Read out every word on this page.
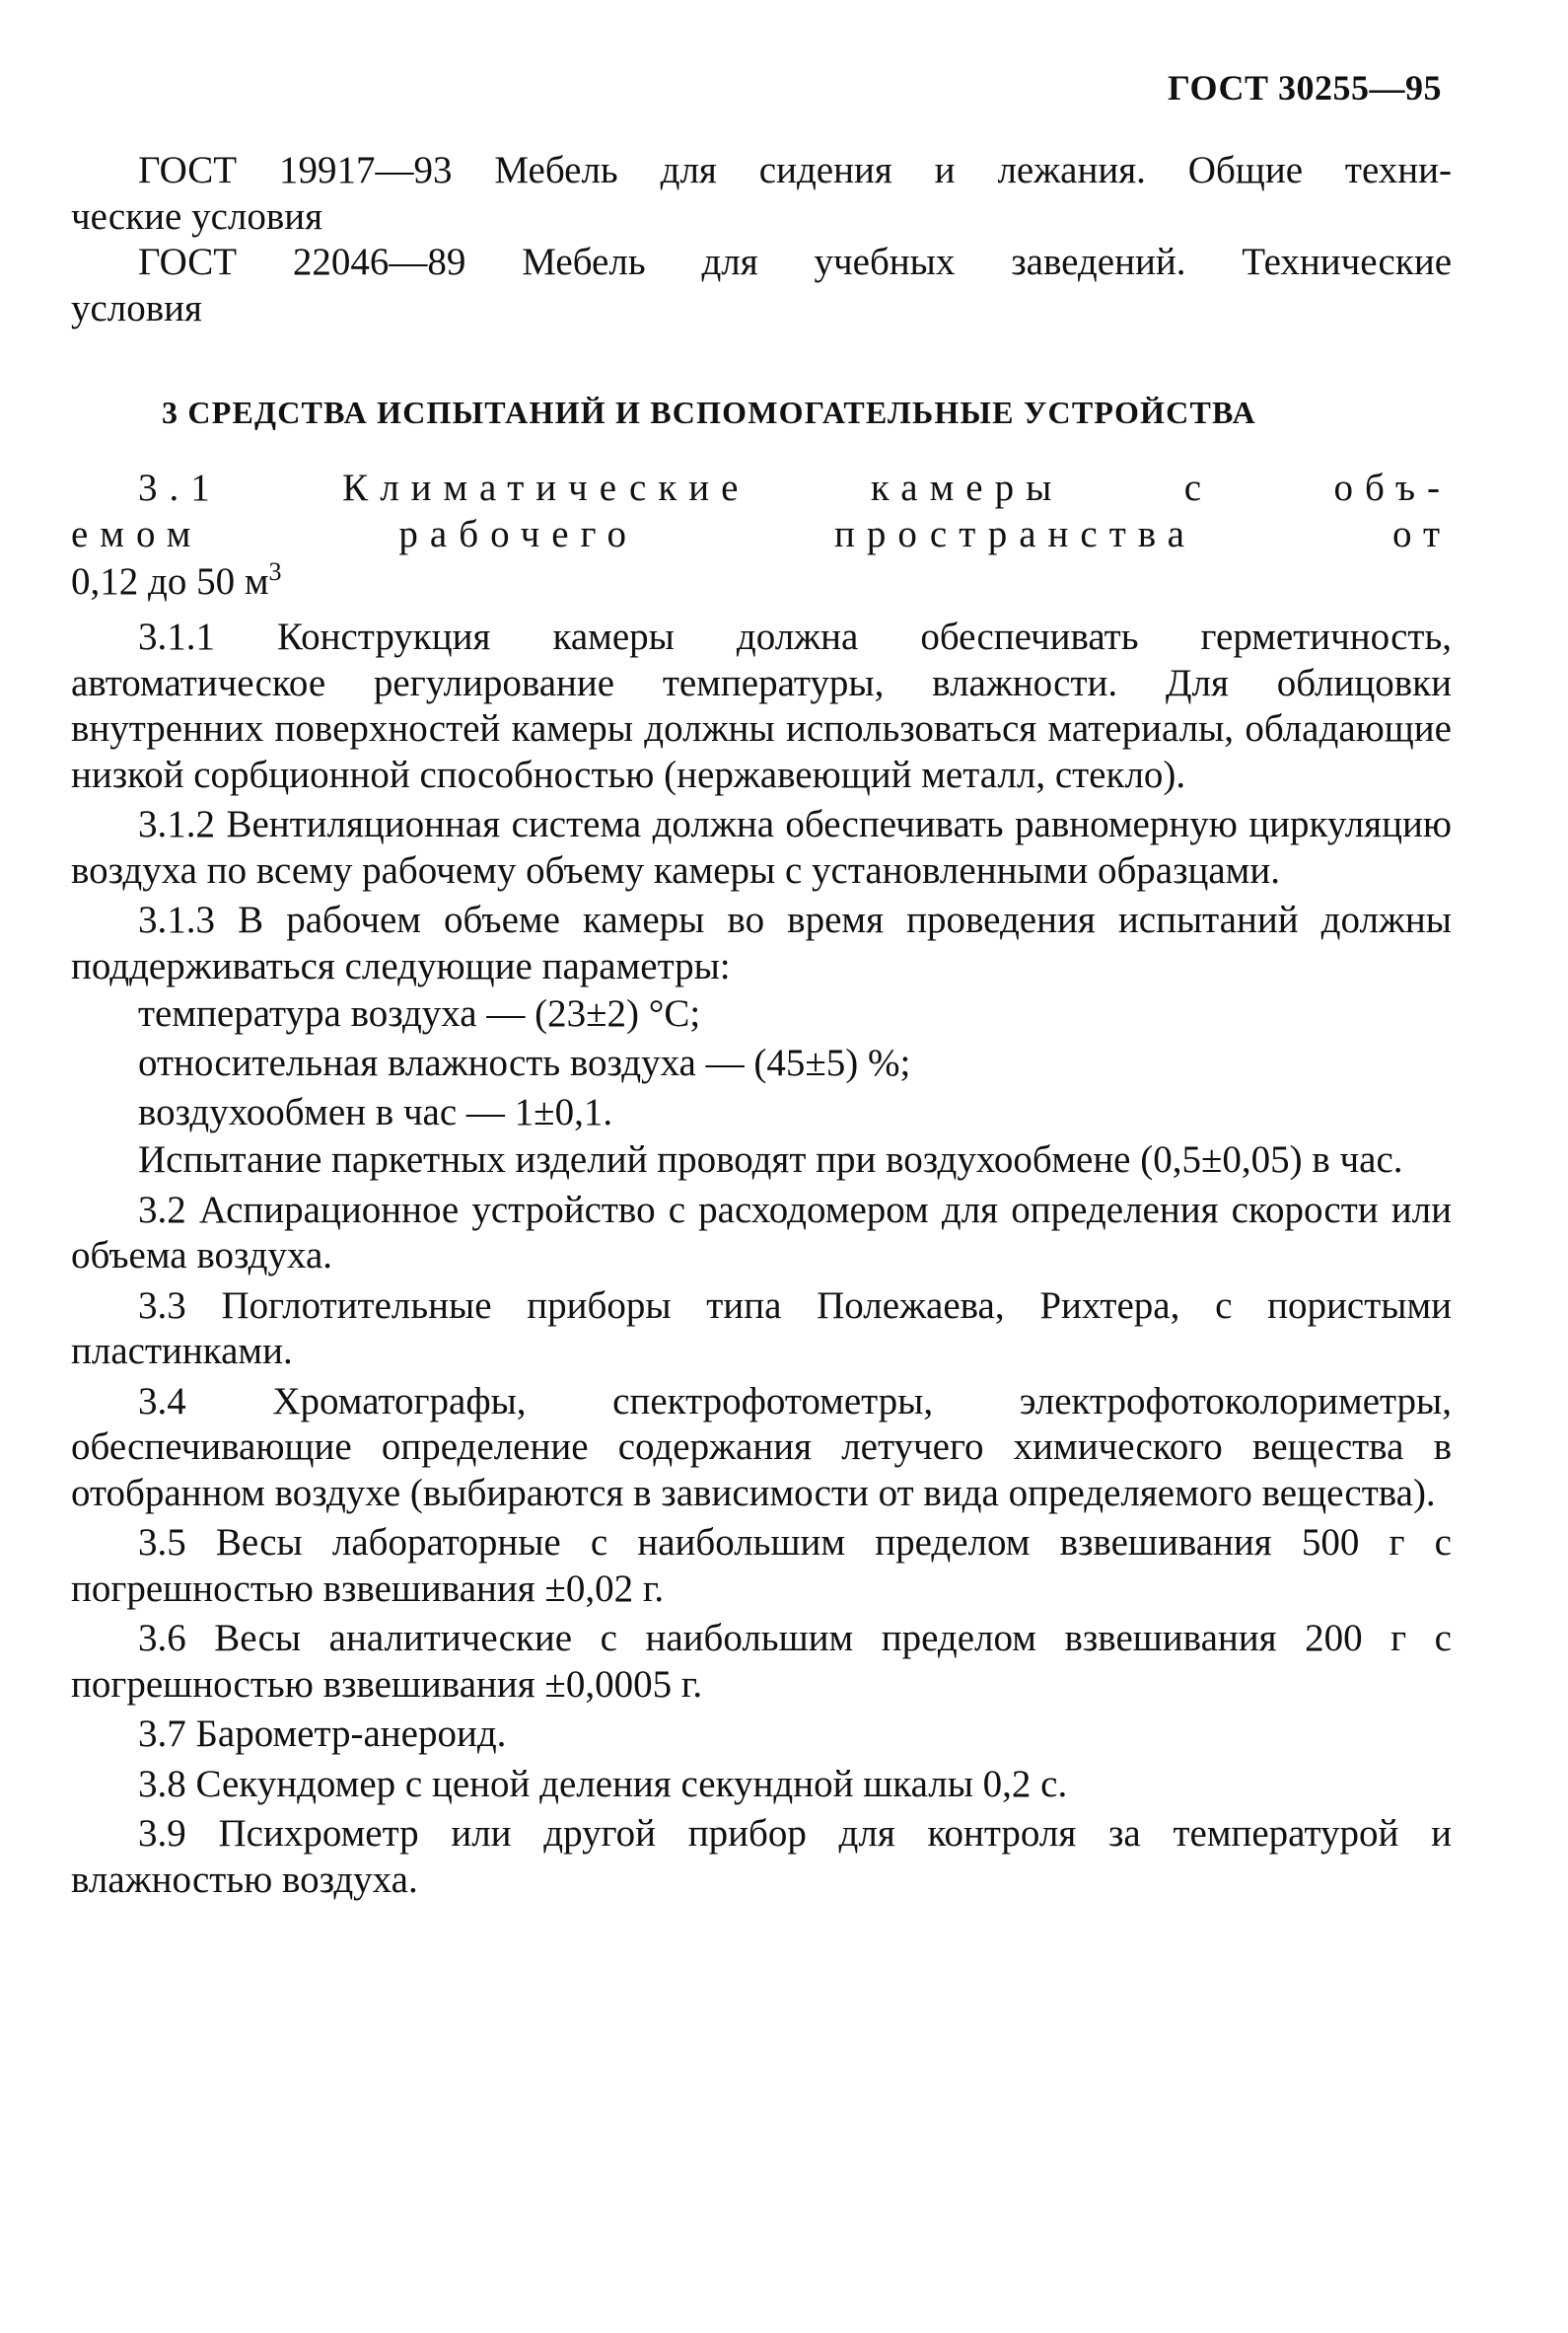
ГОСТ 30255—95

ГОСТ 19917—93 Мебель для сидения и лежания. Общие техни-

ческие условия

ГОСТ 22046—89 Мебель для учебных заведений. Технические

условия

3 СРЕДСТВА ИСПЫТАНИЙ И ВСПОМОГАТЕЛЬНЫЕ УСТРОЙСТВА

3.1 Климатические камеры с объ-

емом рабочего пространства от

0,12 до 50 $м^3$

3.1.1 Конструкция камеры должна обеспечивать герметичность, автоматическое регулирование температуры, влажности. Для облицовки внутренних поверхностей камеры должны использоваться материалы, обладающие низкой сорбционной способностью (нержавеющий металл, стекло).

3.1.2 Вентиляционная система должна обеспечивать равномерную циркуляцию воздуха по всему рабочему объему камеры с установленными образцами.

3.1.3 В рабочем объеме камеры во время проведения испытаний должны поддерживаться следующие параметры:

температура воздуха — (23±2) °С;

относительная влажность воздуха — (45±5) %;

воздухообмен в час — 1±0,1.

Испытание паркетных изделий проводят при воздухообмене (0,5±0,05) в час.

3.2 Аспирационное устройство с расходомером для определения скорости или объема воздуха.

3.3 Поглотительные приборы типа Полежаева, Рихтера, с пористыми пластинками.

3.4 Хроматографы, спектрофотометры, электрофотоколориметры, обеспечивающие определение содержания летучего химического вещества в отобранном воздухе (выбираются в зависимости от вида определяемого вещества).

3.5 Весы лабораторные с наибольшим пределом взвешивания 500 г с погрешностью взвешивания ±0,02 г.

3.6 Весы аналитические с наибольшим пределом взвешивания 200 г с погрешностью взвешивания ±0,0005 г.

3.7 Барометр-анероид.

3.8 Секундомер с ценой деления секундной шкалы 0,2 с.

3.9 Психрометр или другой прибор для контроля за температурой и влажностью воздуха.
